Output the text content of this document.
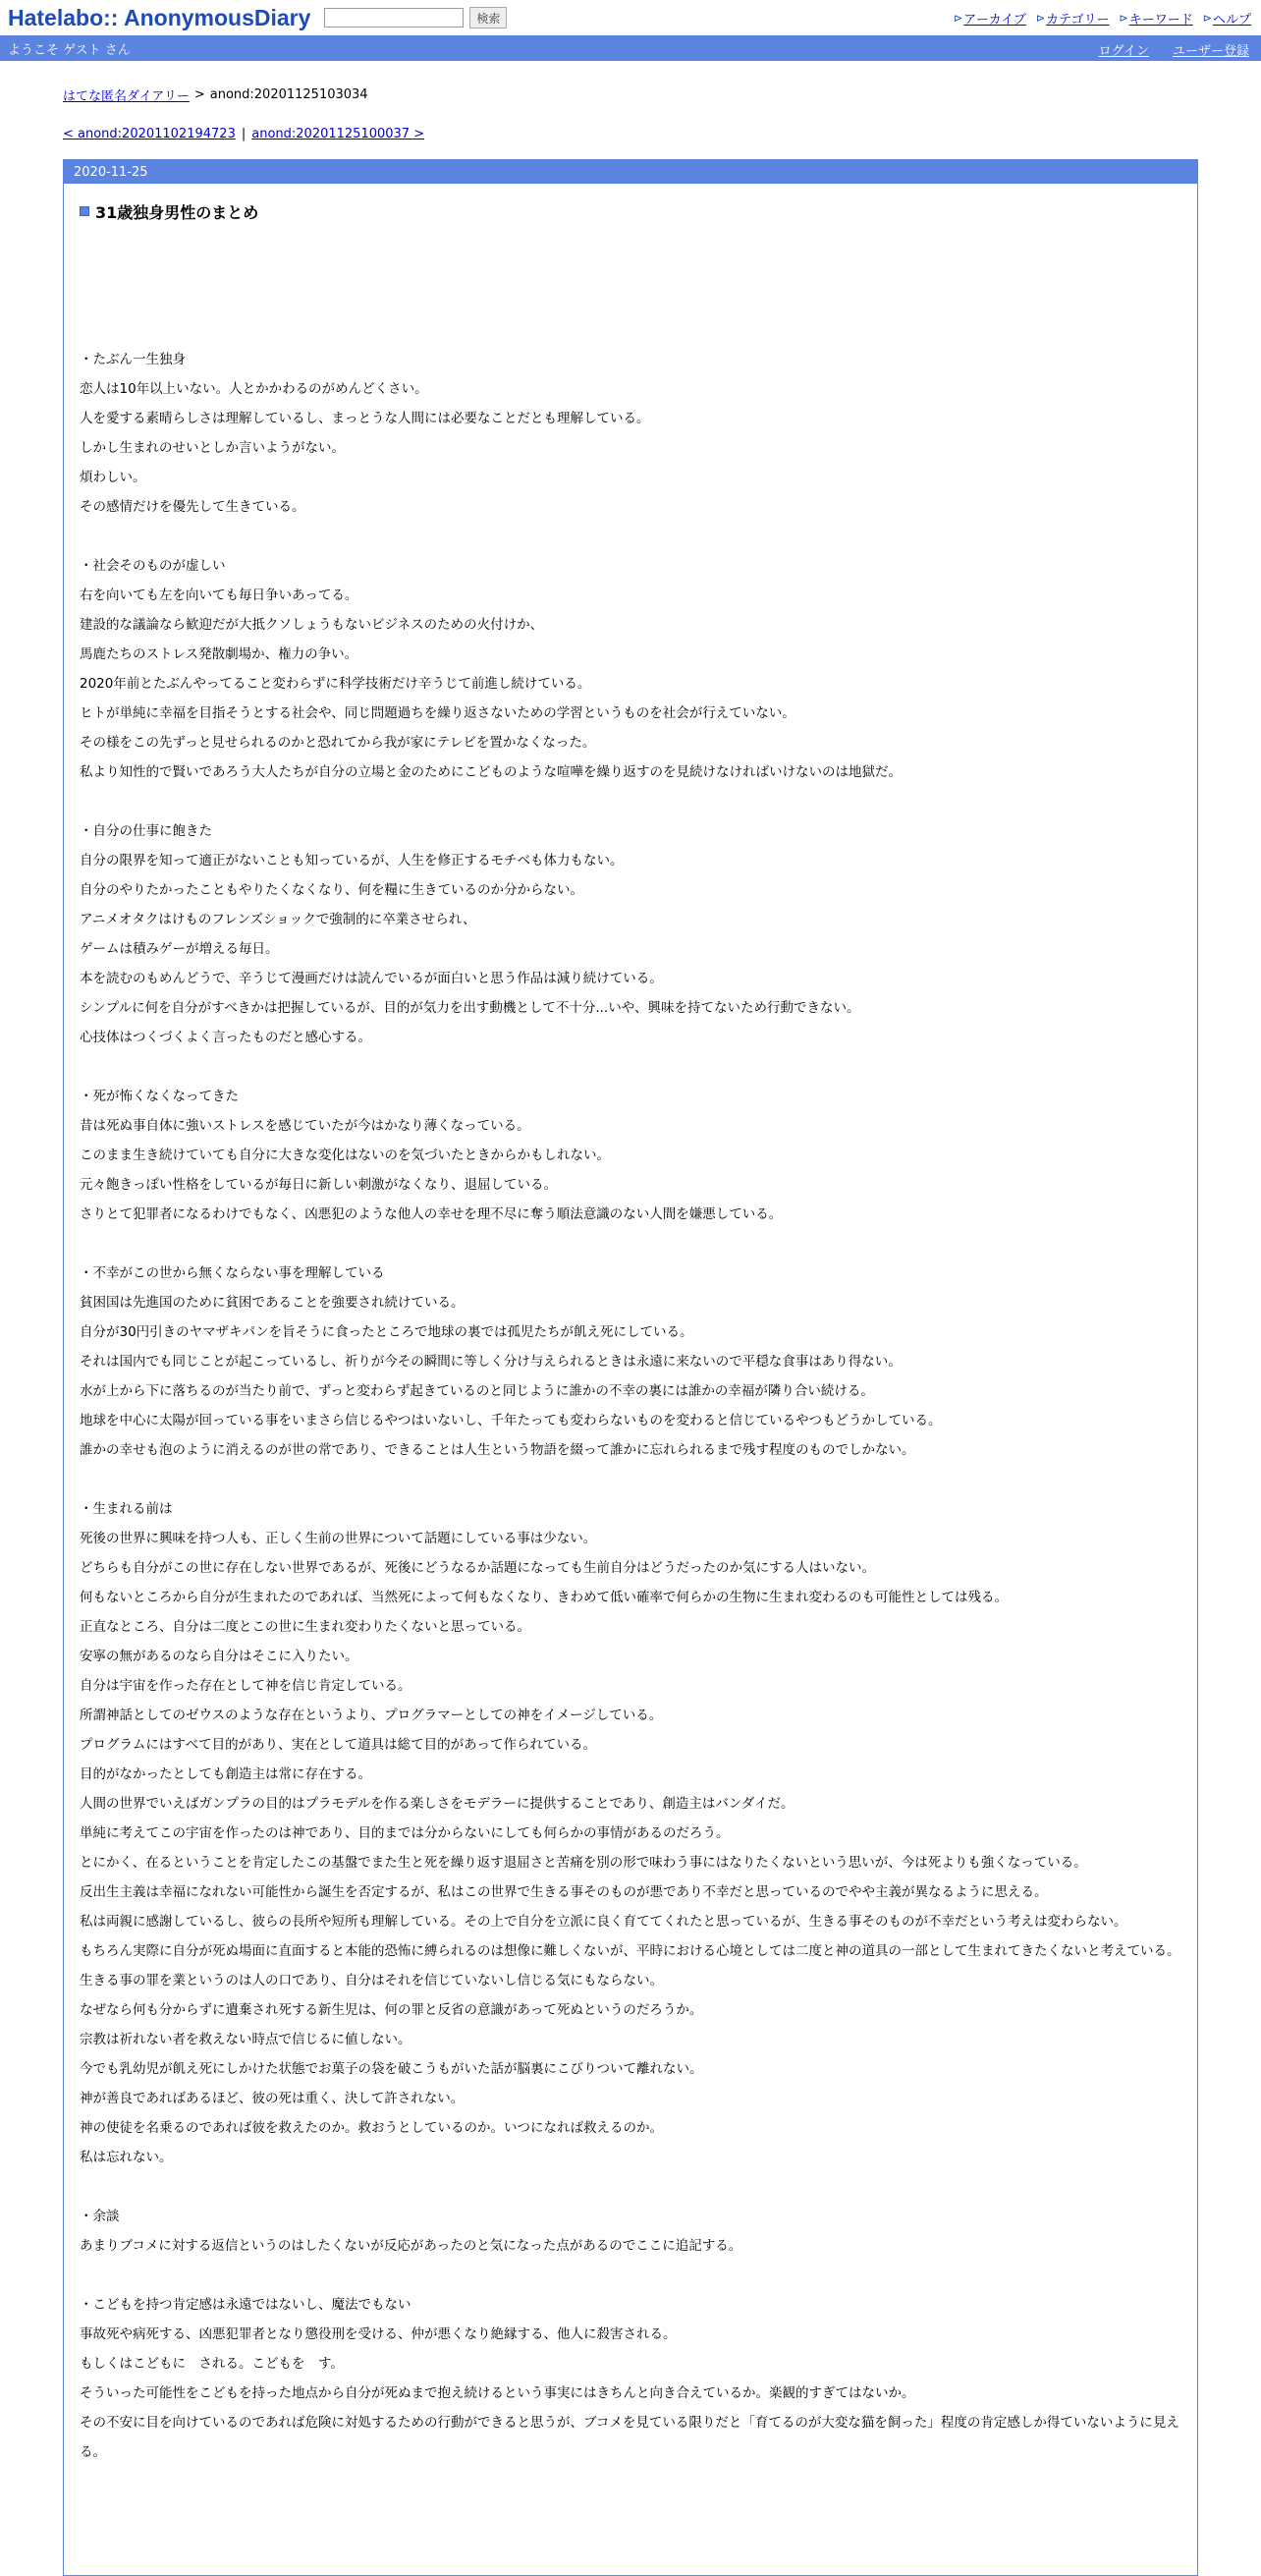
Hatelabo:: AnonymousDiary	検索	⊳ アーカイブ ⊳ カテゴリー ⊳ キーワード ⊳ ヘルプ
ようこそ ゲスト さん	ログイン ユーザー登録
はてな匿名ダイアリー > anond:20201125103034
< anond:20201102194723 | anond:20201125100037 >
2020-11-25
31歳独身男性のまとめ

・たぶん一生独身

恋人は10年以上いない。人とかかわるのがめんどくさい。

人を愛する素晴らしさは理解しているし、まっとうな人間には必要なことだとも理解している。

しかし生まれのせいとしか言いようがない。

煩わしい。

その感情だけを優先して生きている。

・社会そのものが虚しい

右を向いても左を向いても毎日争いあってる。

建設的な議論なら歓迎だが大抵クソしょうもないビジネスのための火付けか、

馬鹿たちのストレス発散劇場か、権力の争い。

2020年前とたぶんやってること変わらずに科学技術だけ辛うじて前進し続けている。

ヒトが単純に幸福を目指そうとする社会や、同じ問題過ちを繰り返さないための学習というものを社会が行えていない。

その様をこの先ずっと見せられるのかと恐れてから我が家にテレビを置かなくなった。

私より知性的で賢いであろう大人たちが自分の立場と金のためにこどものような喧嘩を繰り返すのを見続けなければいけないのは地獄だ。

・自分の仕事に飽きた

自分の限界を知って適正がないことも知っているが、人生を修正するモチベも体力もない。

自分のやりたかったこともやりたくなくなり、何を糧に生きているのか分からない。

アニメオタクはけものフレンズショックで強制的に卒業させられ、

ゲームは積みゲーが増える毎日。

本を読むのもめんどうで、辛うじて漫画だけは読んでいるが面白いと思う作品は減り続けている。

シンプルに何を自分がすべきかは把握しているが、目的が気力を出す動機として不十分...いや、興味を持てないため行動できない。

心技体はつくづくよく言ったものだと感心する。

・死が怖くなくなってきた

昔は死ぬ事自体に強いストレスを感じていたが今はかなり薄くなっている。

このまま生き続けていても自分に大きな変化はないのを気づいたときからかもしれない。

元々飽きっぽい性格をしているが毎日に新しい刺激がなくなり、退屈している。

さりとて犯罪者になるわけでもなく、凶悪犯のような他人の幸せを理不尽に奪う順法意識のない人間を嫌悪している。

・不幸がこの世から無くならない事を理解している

貧困国は先進国のために貧困であることを強要され続けている。

自分が30円引きのヤマザキパンを旨そうに食ったところで地球の裏では孤児たちが飢え死にしている。

それは国内でも同じことが起こっているし、祈りが今その瞬間に等しく分け与えられるときは永遠に来ないので平穏な食事はあり得ない。

水が上から下に落ちるのが当たり前で、ずっと変わらず起きているのと同じように誰かの不幸の裏には誰かの幸福が隣り合い続ける。

地球を中心に太陽が回っている事をいまさら信じるやつはいないし、千年たっても変わらないものを変わると信じているやつもどうかしている。

誰かの幸せも泡のように消えるのが世の常であり、できることは人生という物語を綴って誰かに忘れられるまで残す程度のものでしかない。

・生まれる前は

死後の世界に興味を持つ人も、正しく生前の世界について話題にしている事は少ない。

どちらも自分がこの世に存在しない世界であるが、死後にどうなるか話題になっても生前自分はどうだったのか気にする人はいない。

何もないところから自分が生まれたのであれば、当然死によって何もなくなり、きわめて低い確率で何らかの生物に生まれ変わるのも可能性としては残る。

正直なところ、自分は二度とこの世に生まれ変わりたくないと思っている。

安寧の無があるのなら自分はそこに入りたい。

自分は宇宙を作った存在として神を信じ肯定している。

所謂神話としてのゼウスのような存在というより、プログラマーとしての神をイメージしている。

プログラムにはすべて目的があり、実在として道具は総て目的があって作られている。

目的がなかったとしても創造主は常に存在する。

人間の世界でいえばガンプラの目的はプラモデルを作る楽しさをモデラーに提供することであり、創造主はバンダイだ。

単純に考えてこの宇宙を作ったのは神であり、目的までは分からないにしても何らかの事情があるのだろう。

とにかく、在るということを肯定したこの基盤でまた生と死を繰り返す退屈さと苦痛を別の形で味わう事にはなりたくないという思いが、今は死よりも強くなっている。

反出生主義は幸福になれない可能性から誕生を否定するが、私はこの世界で生きる事そのものが悪であり不幸だと思っているのでやや主義が異なるように思える。

私は両親に感謝しているし、彼らの長所や短所も理解している。その上で自分を立派に良く育ててくれたと思っているが、生きる事そのものが不幸だという考えは変わらない。

もちろん実際に自分が死ぬ場面に直面すると本能的恐怖に縛られるのは想像に難しくないが、平時における心境としては二度と神の道具の一部として生まれてきたくないと考えている。

生きる事の罪を業というのは人の口であり、自分はそれを信じていないし信じる気にもならない。

なぜなら何も分からずに遺棄され死する新生児は、何の罪と反省の意識があって死ぬというのだろうか。

宗教は祈れない者を救えない時点で信じるに値しない。

今でも乳幼児が飢え死にしかけた状態でお菓子の袋を破こうもがいた話が脳裏にこびりついて離れない。

神が善良であればあるほど、彼の死は重く、決して許されない。

神の使徒を名乗るのであれば彼を救えたのか。救おうとしているのか。いつになれば救えるのか。

私は忘れない。

・余談

あまりブコメに対する返信というのはしたくないが反応があったのと気になった点があるのでここに追記する。

・こどもを持つ肯定感は永遠ではないし、魔法でもない

事故死や病死する、凶悪犯罪者となり懲役刑を受ける、仲が悪くなり絶縁する、他人に殺害される。

もしくはこどもに　される。こどもを　す。

そういった可能性をこどもを持った地点から自分が死ぬまで抱え続けるという事実にはきちんと向き合えているか。楽観的すぎてはないか。

その不安に目を向けているのであれば危険に対処するための行動ができると思うが、ブコメを見ている限りだと「育てるのが大変な猫を飼った」程度の肯定感しか得ていないように見える。
